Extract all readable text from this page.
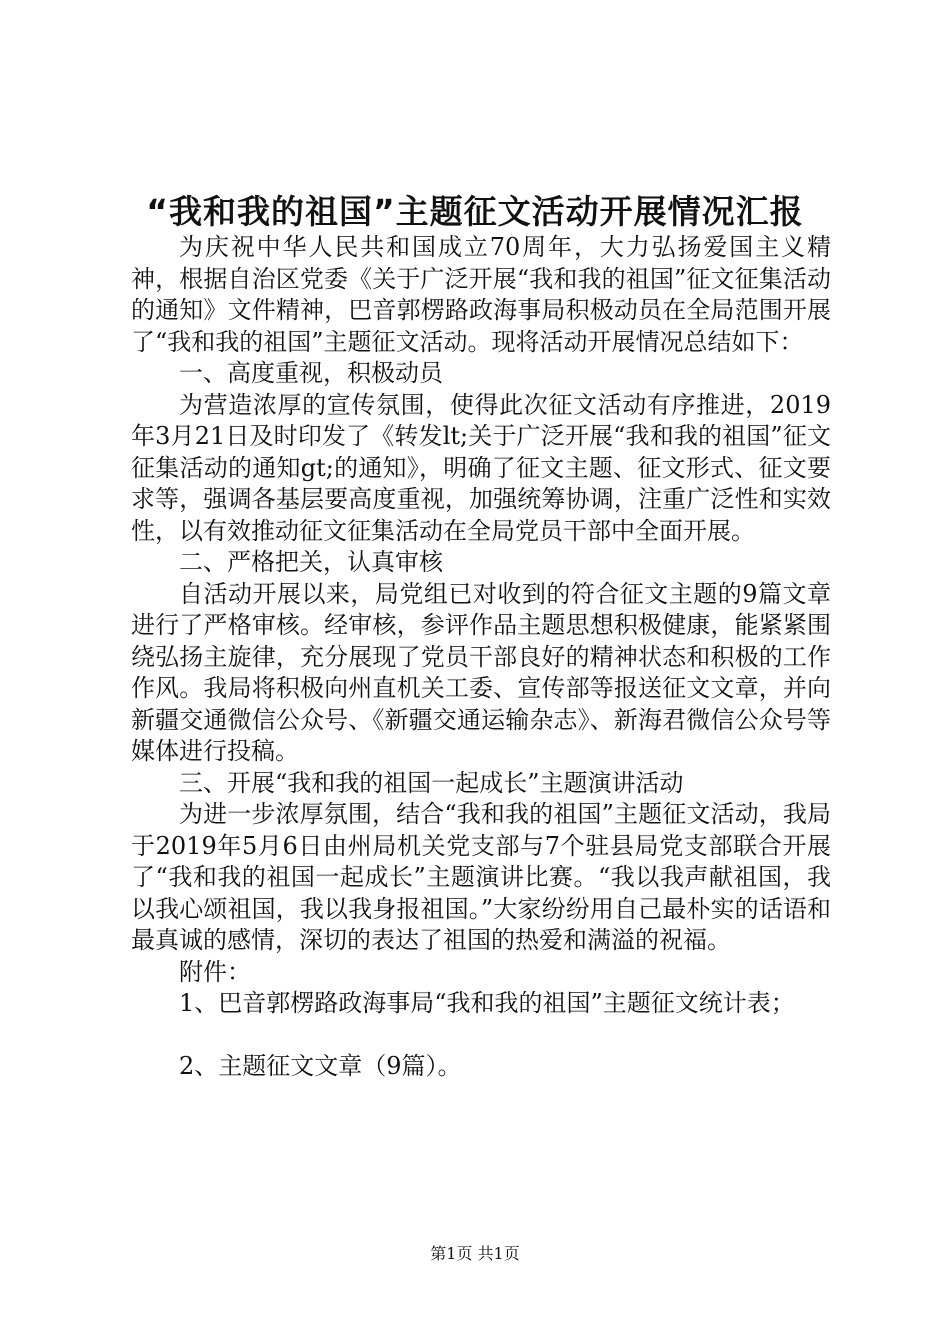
“我和我的祖国”主题征文活动开展情况汇报

为庆祝中华人民共和国成立70周年，大力弘扬爱国主义精神，根据自治区党委《关于广泛开展“我和我的祖国”征文征集活动的通知》文件精神，巴音郭楞路政海事局积极动员在全局范围开展了“我和我的祖国”主题征文活动。现将活动开展情况总结如下：

一、高度重视，积极动员

为营造浓厚的宣传氛围，使得此次征文活动有序推进，2019年3月21日及时印发了《转发lt;关于广泛开展“我和我的祖国”征文征集活动的通知gt;的通知》，明确了征文主题、征文形式、征文要求等，强调各基层要高度重视，加强统筹协调，注重广泛性和实效性，以有效推动征文征集活动在全局党员干部中全面开展。

二、严格把关，认真审核

自活动开展以来，局党组已对收到的符合征文主题的9篇文章进行了严格审核。经审核，参评作品主题思想积极健康，能紧紧围绕弘扬主旋律，充分展现了党员干部良好的精神状态和积极的工作作风。我局将积极向州直机关工委、宣传部等报送征文文章，并向新疆交通微信公众号、《新疆交通运输杂志》、新海君微信公众号等媒体进行投稿。

三、开展“我和我的祖国一起成长”主题演讲活动

为进一步浓厚氛围，结合“我和我的祖国”主题征文活动，我局于2019年5月6日由州局机关党支部与7个驻县局党支部联合开展了“我和我的祖国一起成长”主题演讲比赛。“我以我声献祖国，我以我心颂祖国，我以我身报祖国。”大家纷纷用自己最朴实的话语和最真诚的感情，深切的表达了祖国的热爱和满溢的祝福。

附件：

1、巴音郭楞路政海事局“我和我的祖国”主题征文统计表；

2、主题征文文章（9篇）。

第1页 共1页
